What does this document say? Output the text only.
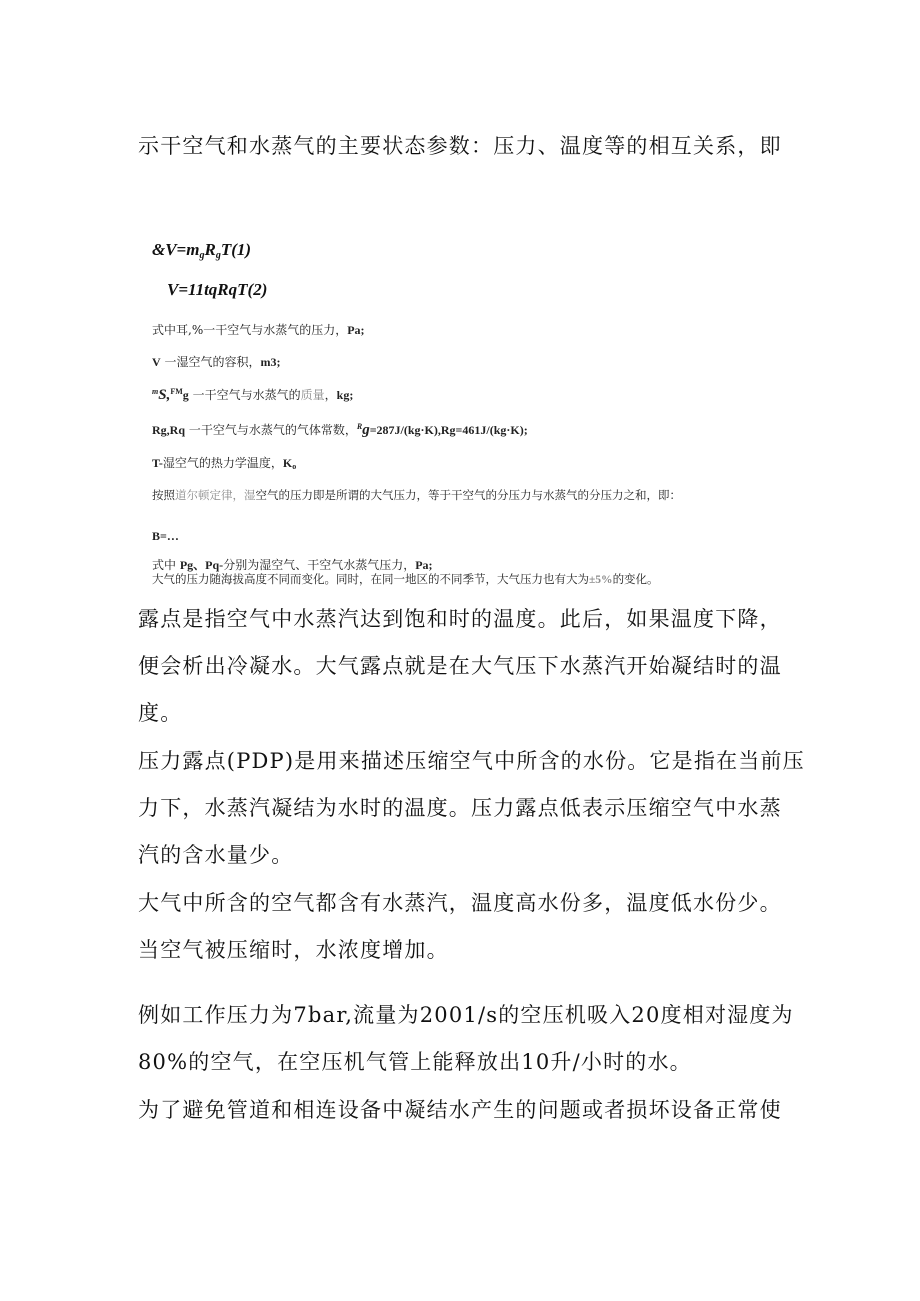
示干空气和水蒸气的主要状态参数：压力、温度等的相互关系，即
$\&V=m_gR_gT(1)$
V=11tqRqT(2)
式中耳,%一干空气与水蒸气的压力，Pa;
V 一湿空气的容积，m3;
$^m$S,$^{FM}$g 一干空气与水蒸气的质量，kg;
Rg,Rq 一干空气与水蒸气的气体常数，$^R$g=287J/(kg·K),Rg=461J/(kg·K);
T-湿空气的热力学温度，$K_o$
按照道尔顿定律，湿空气的压力即是所谓的大气压力，等于干空气的分压力与水蒸气的分压力之和，即：
B=…
式中 Pg、Pq-分别为湿空气、干空气水蒸气压力，Pa;
大气的压力随海拔高度不同而变化。同时，在同一地区的不同季节，大气压力也有大为±5%的变化。
露点是指空气中水蒸汽达到饱和时的温度。此后，如果温度下降，
便会析出冷凝水。大气露点就是在大气压下水蒸汽开始凝结时的温
度。
压力露点(PDP)是用来描述压缩空气中所含的水份。它是指在当前压
力下，水蒸汽凝结为水时的温度。压力露点低表示压缩空气中水蒸
汽的含水量少。
大气中所含的空气都含有水蒸汽，温度高水份多，温度低水份少。
当空气被压缩时，水浓度增加。
例如工作压力为7bar,流量为2001/s的空压机吸入20度相对湿度为
80%的空气，在空压机气管上能释放出10升/小时的水。
为了避免管道和相连设备中凝结水产生的问题或者损坏设备正常使
